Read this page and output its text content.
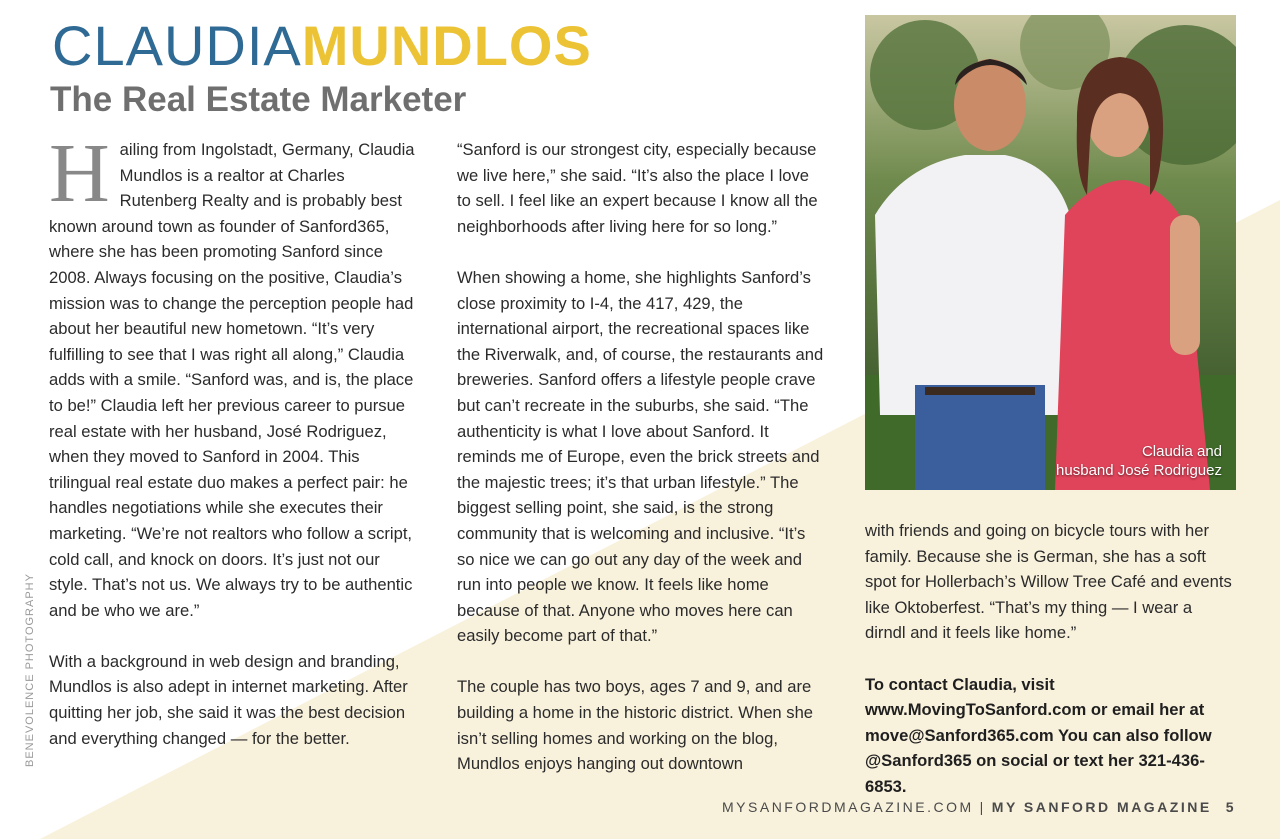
CLAUDIAMUNDLOS
The Real Estate Marketer

Hailing from Ingolstadt, Germany, Claudia Mundlos is a realtor at Charles Rutenberg Realty and is probably best known around town as founder of Sanford365, where she has been promoting Sanford since 2008. Always focusing on the positive, Claudia’s mission was to change the perception people had about her beautiful new hometown. “It’s very fulfilling to see that I was right all along,” Claudia adds with a smile. “Sanford was, and is, the place to be!” Claudia left her previous career to pursue real estate with her husband, José Rodriguez, when they moved to Sanford in 2004. This trilingual real estate duo makes a perfect pair: he handles negotiations while she executes their marketing. “We’re not realtors who follow a script, cold call, and knock on doors. It’s just not our style. That’s not us. We always try to be authentic and be who we are.”

With a background in web design and branding, Mundlos is also adept in internet marketing. After quitting her job, she said it was the best decision and everything changed — for the better.

“Sanford is our strongest city, especially because we live here,” she said. “It’s also the place I love to sell. I feel like an expert because I know all the neighborhoods after living here for so long.”

When showing a home, she highlights Sanford’s close proximity to I-4, the 417, 429, the international airport, the recreational spaces like the Riverwalk, and, of course, the restaurants and breweries. Sanford offers a lifestyle people crave but can’t recreate in the suburbs, she said. “The authenticity is what I love about Sanford. It reminds me of Europe, even the brick streets and the majestic trees; it’s that urban lifestyle.” The biggest selling point, she said, is the strong community that is welcoming and inclusive. “It’s so nice we can go out any day of the week and run into people we know. It feels like home because of that. Anyone who moves here can easily become part of that.”

The couple has two boys, ages 7 and 9, and are building a home in the historic district. When she isn’t selling homes and working on the blog, Mundlos enjoys hanging out downtown

Claudia and
husband José Rodriguez

with friends and going on bicycle tours with her family. Because she is German, she has a soft spot for Hollerbach’s Willow Tree Café and events like Oktoberfest. “That’s my thing — I wear a dirndl and it feels like home.”

To contact Claudia, visit www.MovingToSanford.com or email her at move@Sanford365.com You can also follow @Sanford365 on social or text her 321-436-6853.

BENEVOLENCE PHOTOGRAPHY
MYSANFORDMAGAZINE.COM | MY SANFORD MAGAZINE 5
